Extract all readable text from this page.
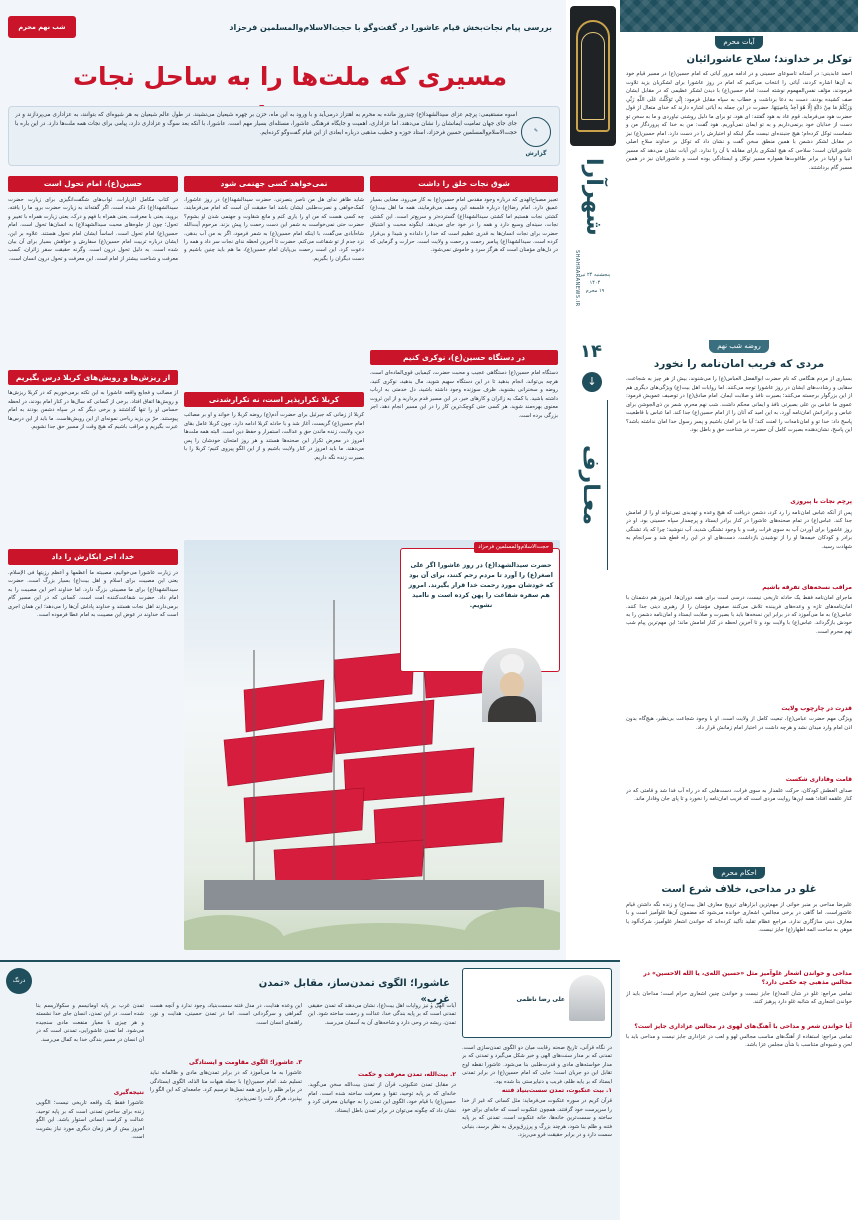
آیات محرم
توکل بر خداوند؛ سلاح عاشورائیان
احمد عابدینی: در آستانه تاسوعای حسینی و در ادامه مرور آیاتی که امام حسین(ع) در مسیر قیام خود به آن‌ها اشاره کردند، آیاتی را انتخاب می‌کنیم که امام در روز عاشورا برای لشکریان یزید تلاوت فرمودند، مؤلف نفس‌المهموم نوشته است: امام حسین(ع) با دیدن لشکر عظیمی که در مقابل ایشان صف کشیده بودند، دست به دعا برداشت و خطاب به سپاه مقابل فرمود: إِنِّي تَوَكَّلْتُ عَلَى اللَّهِ رَبِّي وَرَبِّكُمْ مَا مِنْ دَابَّةٍ إِلَّا هُوَ آخِذٌ بِنَاصِيَتِهَا. حضرت در این جمله به آیاتی اشاره دارند که خدای متعال از قول حضرت هود می‌فرماید. قوم عاد به هود گفتند: ای هود، تو برای ما دلیل روشنی نیاوردی و ما به سخن تو دست از خدایان خود برنمی‌داریم و به تو ایمان نمی‌آوریم. هود گفت: من به خدا که پروردگار من و شماست توکل کرده‌ام؛ هیچ جنبنده‌ای نیست مگر اینکه او اختیارش را در دست دارد. امام حسین(ع) نیز در مقابل لشکر دشمن با همین منطق سخن گفت و نشان داد که توکل بر خداوند سلاح اصلی عاشورائیان است؛ سلاحی که هیچ لشکری یارای مقابله با آن را ندارد. این آیات نشان می‌دهد که مسیر انبیا و اولیا در برابر طاغوت‌ها همواره مسیر توکل و ایستادگی بوده است و عاشورائیان نیز در همین مسیر گام برداشتند.
روضه شب نهم
مردی که فریب امان‌نامه را نخورد
بسیاری از مردم هنگامی که نام حضرت ابوالفضل العباس(ع) را می‌شنوند، بیش از هر چیز به شجاعت، سقایی و رشادت‌های ایشان در روز عاشورا توجه می‌کنند. اما روایات اهل بیت(ع) ویژگی‌های دیگری هم از این بزرگوار برجسته می‌کنند؛ بصیرت نافذ و صلابت ایمان. امام صادق(ع) در توصیف عمویش فرمود: عموی ما عباس بن علی بصیرتی نافذ و ایمانی محکم داشت. شب نهم محرم، شمر بن ذی‌الجوشن برای عباس و برادرانش امان‌نامه آورد، به این امید که آنان را از امام حسین(ع) جدا کند. اما عباس با قاطعیت پاسخ داد: خدا تو و امان‌نامه‌ات را لعنت کند؛ آیا ما در امان باشیم و پسر رسول خدا امان نداشته باشد؟ این پاسخ، نشان‌دهنده بصیرت کامل آن حضرت در شناخت حق و باطل بود.
پرچم نجات با پیروزی
پس از آنکه عباس امان‌نامه را رد کرد، دشمن دریافت که هیچ وعده و تهدیدی نمی‌تواند او را از امامش جدا کند. عباس(ع) در تمام صحنه‌های عاشورا در کنار برادر ایستاد و پرچمدار سپاه حسینی بود. او در روز عاشورا برای آوردن آب به سوی فرات رفت و با وجود تشنگی شدید، آب ننوشید؛ چرا که یاد تشنگی برادر و کودکان خیمه‌ها او را از نوشیدن بازداشت. دست‌های او در این راه قطع شد و سرانجام به شهادت رسید.
مراقب نسخه‌های تفرقه باشیم
ماجرای امان‌نامه فقط یک حادثه تاریخی نیست، درسی است برای همه دوران‌ها. امروز هم دشمنان با امان‌نامه‌های تازه و وعده‌های فریبنده تلاش می‌کنند صفوف مؤمنان را از رهبری دینی جدا کنند. عباس(ع) به ما می‌آموزد که در برابر این نسخه‌ها باید با بصیرت و صلابت ایستاد و امان‌نامه دشمن را به خودش بازگرداند. عباس(ع) با ولایت بود و تا آخرین لحظه در کنار امامش ماند؛ این مهم‌ترین پیام شب نهم محرم است.
قدرت در چارچوب ولایت
ویژگی مهم حضرت عباس(ع)، تبعیت کامل از ولایت است. او با وجود شجاعت بی‌نظیر، هیچ‌گاه بدون اذن امام وارد میدان نشد و هرچه داشت در اختیار امام زمانش قرار داد.
قامت وفاداری شکست
صدای العطش کودکان، حرکت علمدار به سوی فرات، دست‌هایی که در راه آب فدا شد و قامتی که در کنار علقمه افتاد؛ همه این‌ها روایت مردی است که فریب امان‌نامه را نخورد و تا پای جان وفادار ماند.
احکام محرم
غلو در مداحی، خلاف شرع است
علیرضا مداحی بر منبر خوانی از مهم‌ترین ابزارهای ترویج معارف اهل بیت(ع) و زنده نگه داشتن قیام عاشوراست. اما گاهی در برخی مجالس، اشعاری خوانده می‌شود که مضمون آن‌ها غلوآمیز است و با معارف دینی سازگاری ندارد. مراجع عظام تقلید تأکید کرده‌اند که خواندن اشعار غلوآمیز، شرک‌آلود یا موهن به ساحت ائمه اطهار(ع) جایز نیست.
مداحی و خواندن اشعار غلوآمیز مثل «حسین الله‌ی، یا الله الاحسین» در مجالس مذهبی چه حکمی دارد؟
تمامی مراجع: غلو در شأن ائمه(ع) جایز نیست و خواندن چنین اشعاری حرام است؛ مداحان باید از خواندن اشعاری که شائبه غلو دارد پرهیز کنند.
آیا خواندن شعر و مداحی با آهنگ‌های لهوی در مجالس عزاداری جایز است؟
تمامی مراجع: استفاده از آهنگ‌های مناسب مجالس لهو و لعب در عزاداری جایز نیست و مداحی باید با لحن و شیوه‌ای متناسب با شأن مجلس عزا باشد.
شهرآرا
پنجشنبه ۲۴ تیر ۱۴۰۴
۱۹ محرم
SHAHRARANEWS.IR
۱۴
↓
معـارف
شب نهم محرم	بررسی پیام نجات‌بخش قیام عاشورا در گفت‌وگو با حجت‌الاسلام‌والمسلمین فرحزاد
مسیری که ملت‌ها را به ساحل نجات
اسوه مستقیمی: پرچم عزای سیدالشهدا(ع) چندروز مانده به محرم به اهتزاز درمی‌آید و با ورود به این ماه، حزن بر چهره شیعیان می‌نشیند. در طول عالم شیعیان به هر شیوه‌ای که بتوانند، به عزاداری می‌پردازند و در جای جای جهان تمامیت ایمانشان را نشان می‌دهند. اما عزاداری، اهمیت و جایگاه فرهنگی عاشورا، مسئله‌ای بسیار مهم است. عاشورا، با آنکه بعد سوگ و عزاداری دارد، پیامی برای نجات همه ملت‌ها دارد. در این باره با حجت‌الاسلام‌والمسلمین حسین فرحزاد، استاد حوزه و خطیب مذهبی درباره ابعادی از این قیام گفت‌وگو کرده‌ایم.	✎
گزارش
شوق نجات خلق را داشت
تعبیر مصباح‌الهدی که درباره وجود مقدس امام حسین(ع) به کار می‌رود، معنایی بسیار عمیق دارد. امام رضا(ع) درباره فلسفه این وصف می‌فرمایند، همه ما اهل بیت(ع) کشتی نجات هستیم اما کشتی سیدالشهدا(ع) گسترده‌تر و سریع‌تر است. این کشتی نجات، سینه‌ای وسیع دارد و همه را در خود جای می‌دهد. اینگونه محبت و اشتیاق حضرت برای نجات انسان‌ها به قدری عظیم است که خدا را دلداده و شیدا و بی‌قرار کرده است. سیدالشهدا(ع) پیامبر رحمت و رحمت و ولایت است. حرارت و گرمایی که در دل‌های مؤمنان است که هرگز سرد و خاموش نمی‌شود.
در دستگاه حسین(ع)، نوکری کنیم
دستگاه امام حسین(ع) دستگاهی عجیب و محبت حضرت، کیمیایی قوی‌الماده‌ای است، هرچه بی‌تواند، انجام بدهید تا در این دستگاه سهیم شوید، مال بدهید، نوکری کنید، روضه و سخنرانی بشنوید. ظرف سوزنده وجود داشته باشید، دل خدمتی به ارباب داشته باشید. با کمک به زائران و کارهای خیر، در این مسیر قدم بردارید و از این ثروت معنوی بهره‌مند شوید. هر کسی حتی کوچک‌ترین کار را در این مسیر انجام دهد، اجر بزرگی برده است.
نمی‌خواهد کسی جهنمی شود
شاید ظاهر ندای هل من ناصر ینصرنی، حضرت سیدالشهدا(ع) در روز عاشورا، کمک‌خواهی و نصرت‌طلبی ایشان باشد اما حقیقت آن است که امام می‌فرمایند، چه کسی هست که من او را یاری کنم و مانع شقاوت و جهنمی شدن او بشوم؟ حضرت حتی نمی‌خواست به شمر این دست رحمت را پیش بزند. مرحوم آیت‌الله شاه‌آبادی می‌گفت، با اینکه امام حسین(ع) به شمر فرمود، اگر به من آب بدهی، نزد جدم از تو شفاعت می‌کنم. حضرت تا آخرین لحظه ندای نجات سر داد و همه را دعوت کرد. این است رحمت بی‌پایان امام حسین(ع)، ما هم باید چنین باشیم و دست دیگران را بگیریم.
کربلا تکرارپذیر است، نه تکرارشدنی
کربلا از زمانی که جبرئیل برای حضرت آدم(ع) روضه کربلا را خواند و او بر مصائب امام حسین(ع) گریست، آغاز شد و با حادثه کربلا ادامه دارد. چون کربلا عامل بقای دین، ولایت، زنده ماندن حق و عدالت، استمرار و حفظ دین است. البته همه ملت‌ها امروز در معرض تکرار این صحنه‌ها هستند و هر روز امتحان خودشان را پس می‌دهند. ما باید امروز در کنار ولایت باشیم و از این الگو پیروی کنیم؛ کربلا را با بصیرت زنده نگه داریم.
حسین(ع)، امام تحول است
در کتاب مکامل الزیارات، ثواب‌های شگفت‌انگیزی برای زیارت حضرت سیدالشهدا(ع) ذکر شده است. اگر گفته‌اند به زیارت حضرت برو، ما را یافته، بروید، یعنی با معرفت، یعنی همراه با فهم و درک، یعنی زیارت همراه با تغییر و تحول؛ چون از جلوه‌های محبت سیدالشهدا(ع) به انسان‌ها تحول است. امام حسین(ع) امام تحول است. اساساً ایشان امام تحول هستند. علاوه بر این، ایشان درباره تربیت امام حسین(ع) سفارش و خواهش بسیار برای آن بیان شده است. به دلیل تحول درون است. وگرنه حقیقت سفر زائران، کسب معرفت و شناخت بیشتر از امام است. این معرفت و تحول درون انسان است.
از ریزش‌ها و رویش‌های کربلا درس بگیریم
از مصائب و فجایع واقعه عاشورا به این نکته برمی‌خوریم که در کربلا ریزش‌ها و رویش‌ها اتفاق افتاد. برخی از کسانی که سال‌ها در کنار امام بودند، در لحظه حساس او را تنها گذاشتند و برخی دیگر که در سپاه دشمن بودند به امام پیوستند. حرّ بن یزید ریاحی نمونه‌ای از این رویش‌هاست. ما باید از این درس‌ها عبرت بگیریم و مراقب باشیم که هیچ وقت از مسیر حق جدا نشویم.
خدا، اجر ابکارش را داد
در زیارت عاشورا می‌خوانیم، مصیبته ما أعظمها و أعظم رزیتها فی الإسلام. یعنی این مصیبت برای اسلام و اهل بیت(ع) بسیار بزرگ است. حضرت سیدالشهدا(ع) برای ما مصیبتی بزرگ دارد. اما خداوند اجر این مصیبت را به امام داد. حضرت شفاعت‌کننده امت است. کسانی که در این مسیر گام برمی‌دارند اهل نجات هستند و خداوند پاداش آن‌ها را می‌دهد؛ این همان اجری است که خداوند در عوض این مصیبت به امام عطا فرموده است.
حجت‌الاسلام‌والمسلمین فرحزاد
حضرت سیدالشهدا(ع) در روز عاشورا اگر علی اصغر(ع) را آورد تا مردم رحم کنند، برای آن بود که خودشان مورد رحمت خدا قرار بگیرند. امروز هم سفره شفاعت را پهن کرده است و ناامید نشویم.
درنگ	عاشورا؛ الگوی تمدن‌ساز، مقابل «تمدن غرب»	علی رضا ناظمی
در نگاه قرآنی، تاریخ صحنه رقابت میان دو الگوی تمدن‌سازی است. تمدنی که بر مدار سنت‌های الهی و خیر شکل می‌گیرد و تمدنی که بر مدار خواسته‌های مادی و قدرت‌طلبی بنا می‌شود. عاشورا نقطه اوج تقابل این دو جریان است؛ جایی که امام حسین(ع) در برابر تمدنی ایستاد که بر پایه ظلم، فریب و دنیاپرستی بنا شده بود.
۱. بیت عنکبوت، تمدن سست‌بنیاد فتنه
قرآن کریم در سوره عنکبوت می‌فرماید: مثل کسانی که غیر از خدا را سرپرست خود گرفتند، همچون عنکبوت است که خانه‌ای برای خود ساخته و سست‌ترین خانه‌ها، خانه عنکبوت است. تمدنی که بر پایه فتنه و ظلم بنا شود، هرچند بزرگ و پرزرق‌وبرق به نظر برسد، بنیانی سست دارد و در برابر حقیقت فرو می‌ریزد.
آیات الهی و نیز روایات اهل بیت(ع)، نشان می‌دهند که تمدن حقیقی تمدنی است که بر پایه بندگی خدا، عدالت و رحمت ساخته شود. این تمدن، ریشه در وحی دارد و شاخه‌های آن به آسمان می‌رسد.
۲. بیت‌الله، تمدن معرفت و حکمت
در مقابل تمدن عنکبوتی، قرآن از تمدن بیت‌الله سخن می‌گوید. خانه‌ای که بر پایه توحید، تقوا و معرفت ساخته شده است. امام حسین(ع) با قیام خود، الگوی این تمدن را به جهانیان معرفی کرد و نشان داد که چگونه می‌توان در برابر تمدن باطل ایستاد.
این وعده هدایت، در مدل فتنه سست‌بنیاد، وجود ندارد و آنچه هست گمراهی و سرگردانی است. اما در تمدن حسینی، هدایت و نور، راهنمای انسان است.
۳. عاشورا؛ الگوی مقاومت و ایستادگی
عاشورا به ما می‌آموزد که در برابر تمدن‌های مادی و ظالمانه نباید تسلیم شد. امام حسین(ع) با جمله هیهات منا الذله، الگوی ایستادگی در برابر ظلم را برای همه نسل‌ها ترسیم کرد. جامعه‌ای که این الگو را بپذیرد، هرگز ذلت را نمی‌پذیرد.
تمدن غرب بر پایه اومانیسم و سکولاریسم بنا شده است. در این تمدن، انسان جای خدا نشسته و هر چیزی با معیار منفعت مادی سنجیده می‌شود. اما تمدن عاشورایی، تمدنی است که در آن انسان در مسیر بندگی خدا به کمال می‌رسد.
نتیجه‌گیری
عاشورا فقط یک واقعه تاریخی نیست؛ الگویی زنده برای ساختن تمدنی است که بر پایه توحید، عدالت و کرامت انسانی استوار باشد. این الگو امروز بیش از هر زمان دیگری مورد نیاز بشریت است.
